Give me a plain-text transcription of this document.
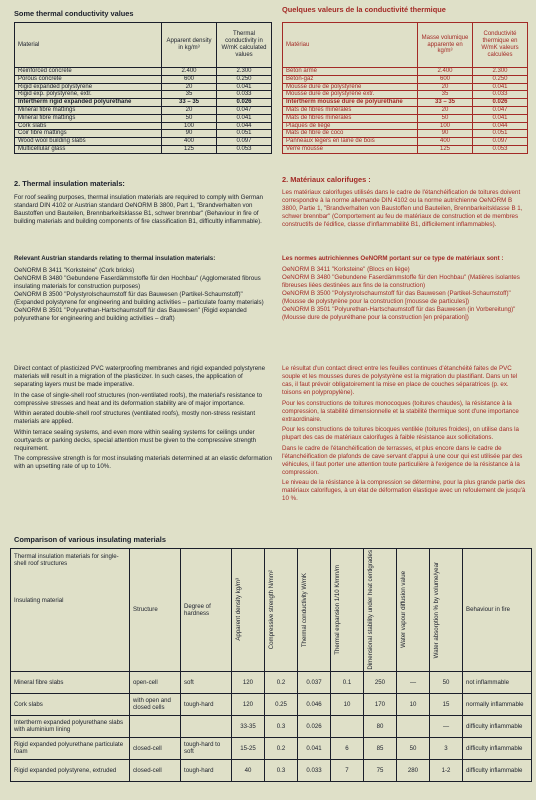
Some thermal conductivity values

Material	Apparent density in kg/m³	Thermal conductivity in W/mK calculated values
Reinforced concrete	2.400	2.300
Porous concrete	600	0.250
Rigid expanded polystyrene	20	0.041
Rigid exp. polystyrene, extr.	35	0.033
Intertherm rigid expanded polyurethane	33 – 35	0.026
Mineral fibre mattings	20	0.047
Mineral fibre mattings	50	0.041
Cork slabs	100	0.044
Coir fibre mattings	90	0.051
Wood wool building slabs	400	0.097
Multicellular glass	125	0.053

2. Thermal insulation materials:

For roof sealing purposes, thermal insulation materials are required to comply with German standard DIN 4102 or Austrian standard OeNORM B 3800, Part 1, "Brandverhalten von Baustoffen und Bauteilen, Brennbarkeitsklasse B1, schwer brennbar" (Behaviour in fire of building materials and building components of fire classification B1, difficultly inflammable).

Relevant Austrian standards relating to thermal insulation materials:

OeNORM B 3411 "Korksteine" (Cork bricks)

OeNORM B 3480 "Gebundene Faserdämmstoffe für den Hochbau" (Agglomerated fibrous insulating materials for construction purposes)

OeNORM B 3500 "Polystyrolschaumstoff für das Bauwesen (Partikel-Schaumstoff)" (Expanded polystyrene for engineering and building activities – particulate foamy materials)

OeNORM B 3501 "Polyurethan-Hartschaumstoff für das Bauwesen" (Rigid expanded polyurethane for engineering and building activities – draft)

Direct contact of plasticized PVC waterproofing membranes and rigid expanded polystyrene materials will result in a migration of the plasticizer. In such cases, the application of separating layers must be made imperative.

In the case of single-shell roof structures (non-ventilated roofs), the material's resistance to compressive stresses and heat and its deformation stability are of major importance.

Within aerated double-shell roof structures (ventilated roofs), mostly non-stress resistant materials are applied.

Within terrace sealing systems, and even more within sealing systems for ceilings under courtyards or parking decks, special attention must be given to the compressive strength requirement.

The compressive strength is for most insulating materials determined at an elastic deformation with an upsetting rate of up to 10%.

Quelques valeurs de la conductivité thermique

Matériau	Masse volumique apparente en kg/m³	Conductivité thermique en W/mK valeurs calculées
Béton armé	2.400	2.300
Béton-gaz	600	0.250
Mousse dure de polystyrène	20	0.041
Mousse dure de polystyrène extr.	35	0.033
Intertherm mousse dure de polyuréthane	33 – 35	0.026
Mats de fibres minérales	20	0.047
Mats de fibres minérales	50	0.041
Plaques de liège	100	0.044
Mats de fibre de coco	90	0.051
Panneaux légers en laine de bois	400	0.097
Verre mousse	125	0.053

2. Matériaux calorifuges :

Les matériaux calorifuges utilisés dans le cadre de l'étanchéification de toitures doivent correspondre à la norme allemande DIN 4102 ou la norme autrichienne OeNORM B 3800, Partie 1, "Brandverhalten von Baustoffen und Bauteilen, Brennbarkeitsklasse B 1, schwer brennbar" (Comportement au feu de matériaux de construction et de membres constructifs de l'édifice, classe d'inflammabilité B1, difficilement inflammables).

Les normes autrichiennes OeNORM portant sur ce type de matériaux sont :

OeNORM B 3411 "Korksteine" (Blocs en liège)

OeNORM B 3480 "Gebundene Faserdämmstoffe für den Hochbau" (Matières isolantes fibreuses liées destinées aux fins de la construction)

OeNORM B 3500 "Polystyrolschaumstoff für das Bauwesen (Partikel-Schaumstoff)" (Mousse de polystyrène pour la construction [mousse de particules])

OeNORM B 3501 "Polyurethan-Hartschaumstoff für das Bauwesen (in Vorbereitung)" (Mousse dure de polyuréthane pour la construction [en préparation])

Le résultat d'un contact direct entre les feuilles continues d'étanchéité faites de PVC souple et les mousses dures de polystyrène est la migration du plastifiant. Dans un tel cas, il faut prévoir obligatoirement la mise en place de couches séparatrices (p. ex. toisons en polypropylène).

Pour les constructions de toitures monocoques (toitures chaudes), la résistance à la compression, la stabilité dimensionnelle et la stabilité thermique sont d'une importance extraordinaire.

Pour les constructions de toitures bicoques ventilée (toitures froides), on utilise dans la plupart des cas de matériaux calorifuges à faible résistance aux sollicitations.

Dans le cadre de l'étanchéification de terrasses, et plus encore dans le cadre de l'étanchéification de plafonds de cave servant d'appui à une cour qui est utilisée par des véhicules, il faut porter une attention toute particulière à l'exigence de la résistance à la compression.

Le niveau de la résistance à la compression se détermine, pour la plus grande partie des matériaux calorifuges, à un état de déformation élastique avec un refoulement de jusqu'à 10 %.

Comparison of various insulating materials
Thermal insulation materials for single-shell roof structures
Insulating material	Structure	Degree of hardness	Apparent density kg/m³	Compressive strength N/mm²	Thermal conductivity W/mK	Thermal expansion 1/10 K/mm/m	Dimensional stability under heat centigrades	Water vapour diffusion value	Water absorption % by volume/year	Behaviour in fire
Mineral fibre slabs	open-cell	soft	120	0.2	0.037	0.1	250	—	50	not inflammable
Cork slabs	with open and closed cells	tough-hard	120	0.25	0.046	10	170	10	15	normally inflammable
Intertherm expanded polyurethane slabs with aluminium lining			33-35	0.3	0.026		80		—	difficulty inflammable
Rigid expanded polyurethane particulate foam	closed-cell	tough-hard to soft	15-25	0.2	0.041	6	85	50	3	difficulty inflammable
Rigid expanded polystyrene, extruded	closed-cell	tough-hard	40	0.3	0.033	7	75	280	1-2	difficulty inflammable
